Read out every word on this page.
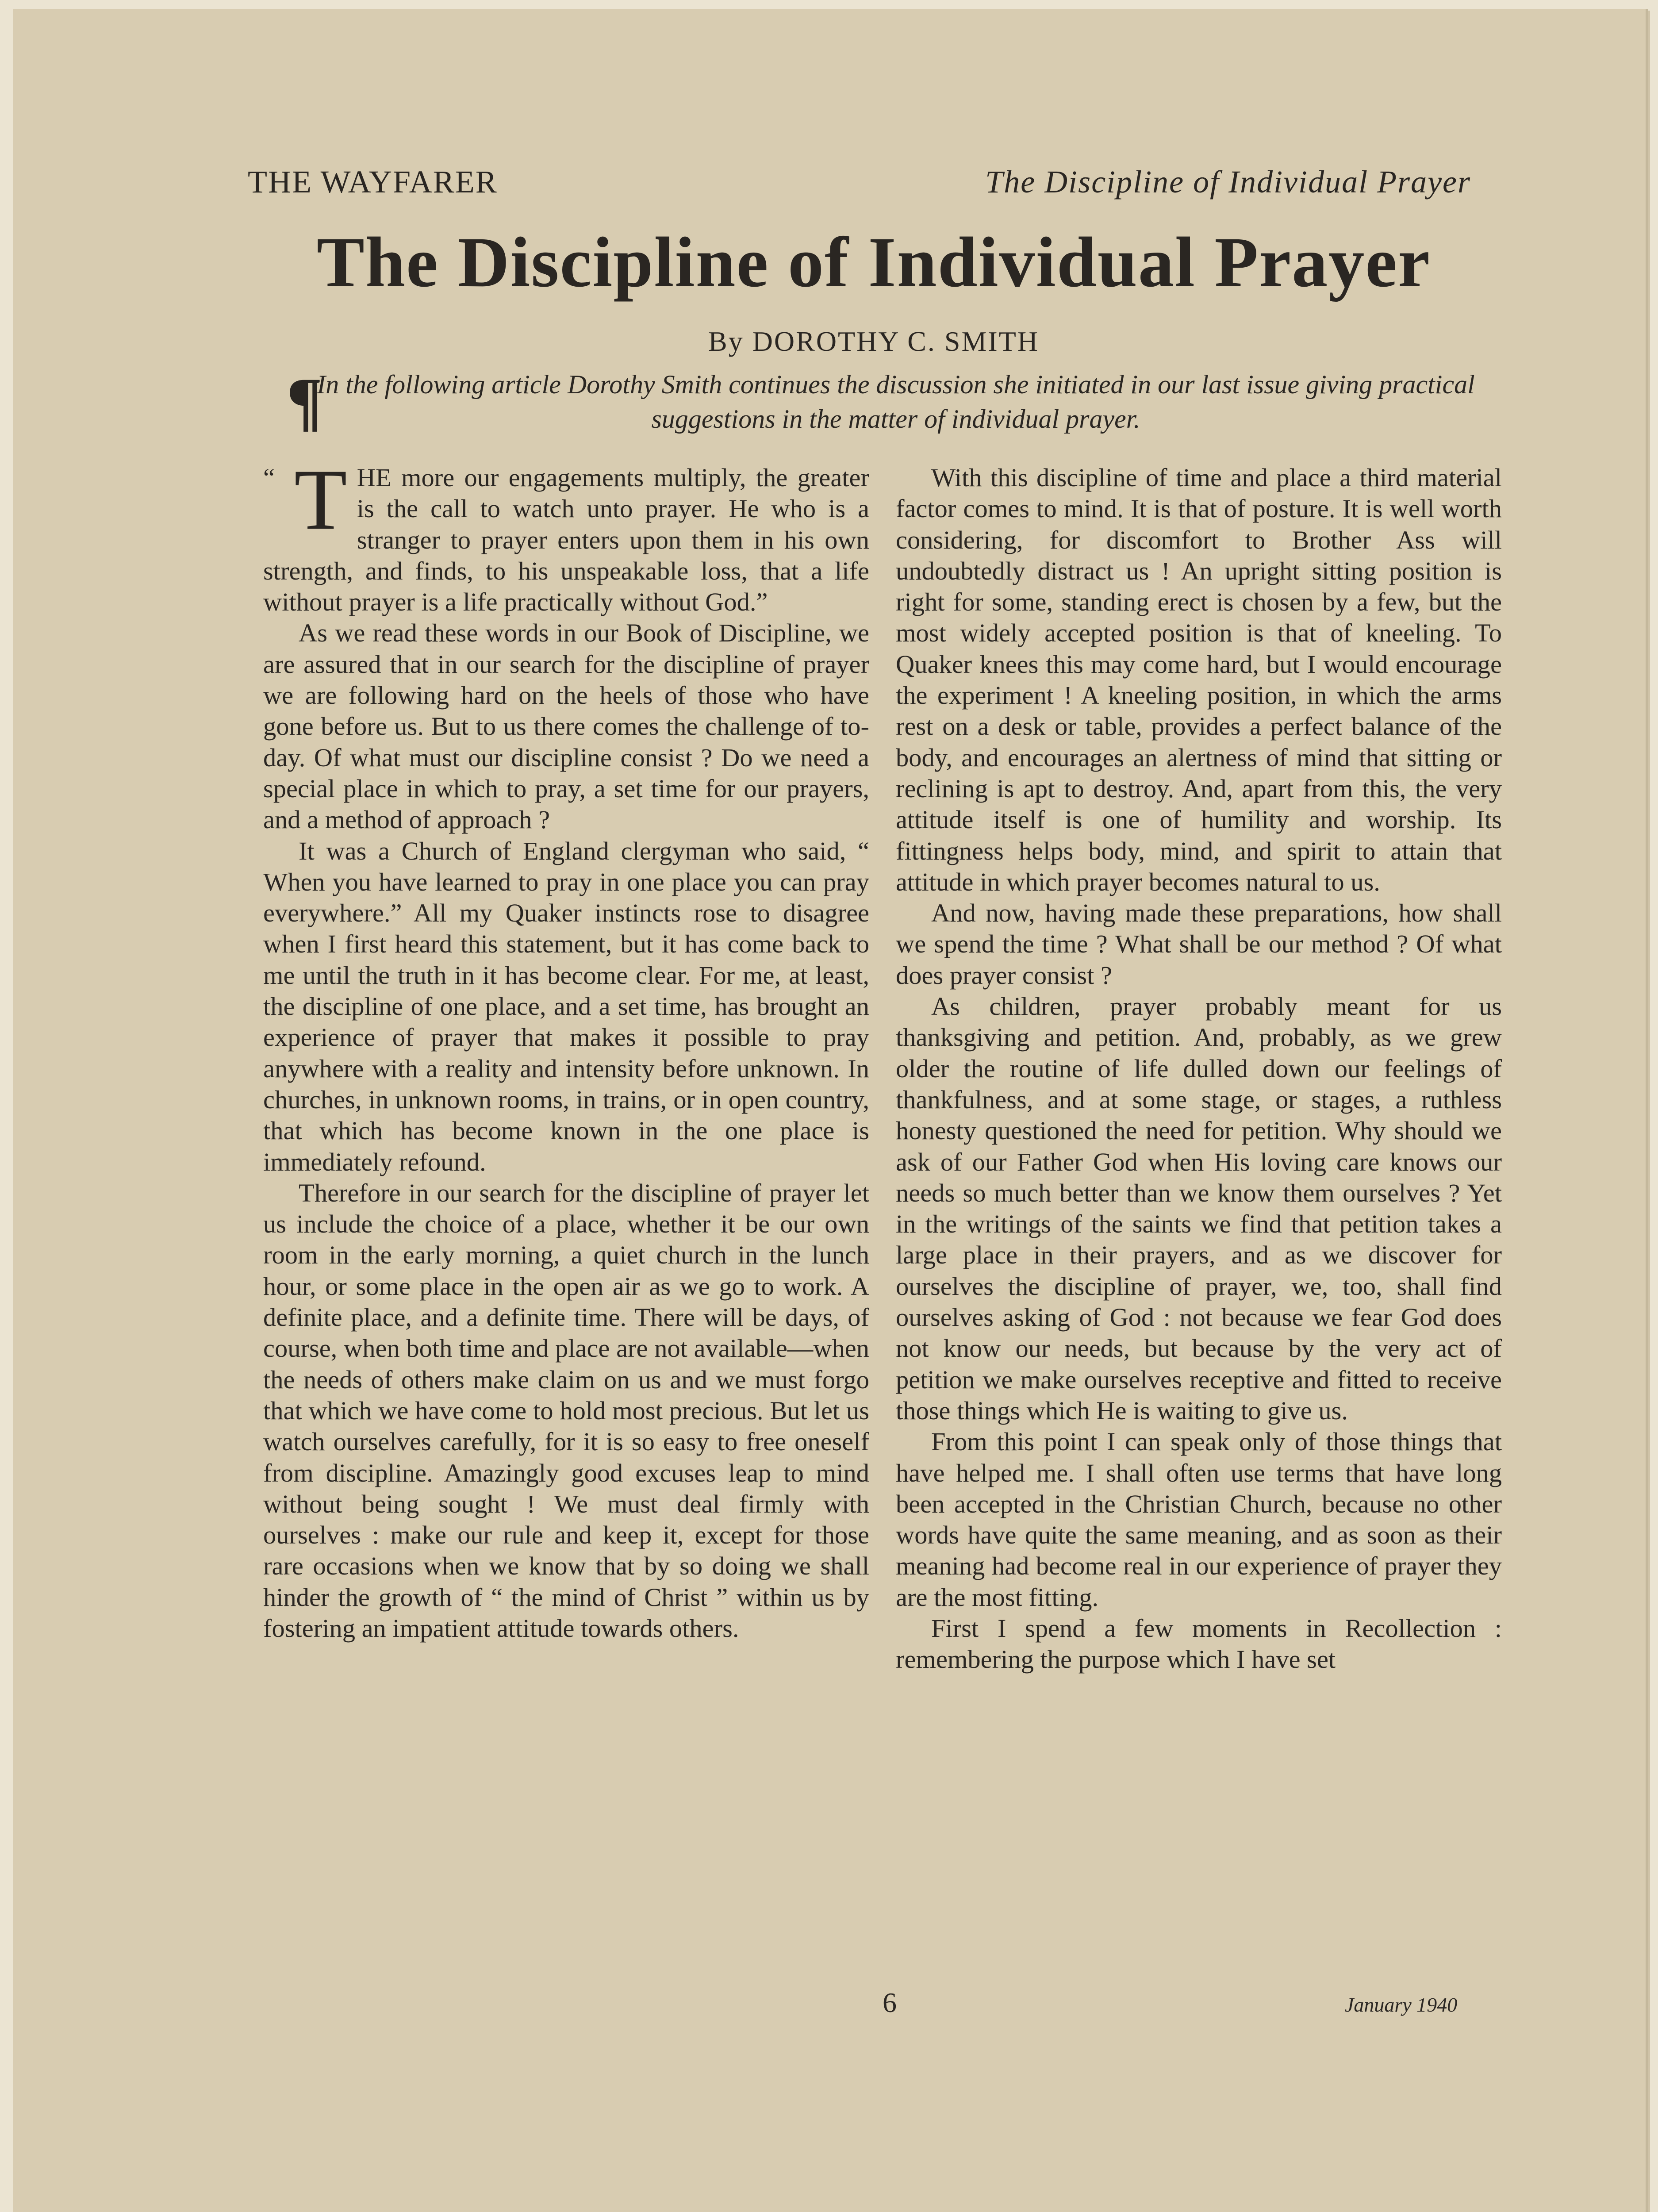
THE WAYFARER	The Discipline of Individual Prayer
The Discipline of Individual Prayer
By DOROTHY C. SMITH
¶
In the following article Dorothy Smith continues the discussion she initiated in our last issue giving practical suggestions in the matter of individual prayer.

“ T HE more our engagements multiply, the greater is the call to watch unto prayer. He who is a stranger to prayer enters upon them in his own strength, and finds, to his unspeakable loss, that a life without prayer is a life practically without God.”

As we read these words in our Book of Discipline, we are assured that in our search for the discipline of prayer we are following hard on the heels of those who have gone before us. But to us there comes the challenge of to-day. Of what must our discipline consist ? Do we need a special place in which to pray, a set time for our prayers, and a method of approach ?

It was a Church of England clergyman who said, “ When you have learned to pray in one place you can pray everywhere.” All my Quaker instincts rose to disagree when I first heard this statement, but it has come back to me until the truth in it has become clear. For me, at least, the discipline of one place, and a set time, has brought an experience of prayer that makes it possible to pray anywhere with a reality and intensity before unknown. In churches, in unknown rooms, in trains, or in open country, that which has become known in the one place is immediately refound.

Therefore in our search for the discipline of prayer let us include the choice of a place, whether it be our own room in the early morning, a quiet church in the lunch hour, or some place in the open air as we go to work. A definite place, and a definite time. There will be days, of course, when both time and place are not available—when the needs of others make claim on us and we must forgo that which we have come to hold most precious. But let us watch ourselves carefully, for it is so easy to free oneself from discipline. Amazingly good excuses leap to mind without being sought ! We must deal firmly with ourselves : make our rule and keep it, except for those rare occasions when we know that by so doing we shall hinder the growth of “ the mind of Christ ” within us by fostering an impatient attitude towards others.

With this discipline of time and place a third material factor comes to mind. It is that of posture. It is well worth considering, for discomfort to Brother Ass will undoubtedly distract us ! An upright sitting position is right for some, standing erect is chosen by a few, but the most widely accepted position is that of kneeling. To Quaker knees this may come hard, but I would encourage the experiment ! A kneeling position, in which the arms rest on a desk or table, provides a perfect balance of the body, and encourages an alertness of mind that sitting or reclining is apt to destroy. And, apart from this, the very attitude itself is one of humility and worship. Its fittingness helps body, mind, and spirit to attain that attitude in which prayer becomes natural to us.

And now, having made these preparations, how shall we spend the time ? What shall be our method ? Of what does prayer consist ?

As children, prayer probably meant for us thanksgiving and petition. And, probably, as we grew older the routine of life dulled down our feelings of thankfulness, and at some stage, or stages, a ruthless honesty questioned the need for petition. Why should we ask of our Father God when His loving care knows our needs so much better than we know them ourselves ? Yet in the writings of the saints we find that petition takes a large place in their prayers, and as we discover for ourselves the discipline of prayer, we, too, shall find ourselves asking of God : not because we fear God does not know our needs, but because by the very act of petition we make ourselves receptive and fitted to receive those things which He is waiting to give us.

From this point I can speak only of those things that have helped me. I shall often use terms that have long been accepted in the Christian Church, because no other words have quite the same meaning, and as soon as their meaning had become real in our experience of prayer they are the most fitting.

First I spend a few moments in Recollection : remembering the purpose which I have set

6	January 1940
